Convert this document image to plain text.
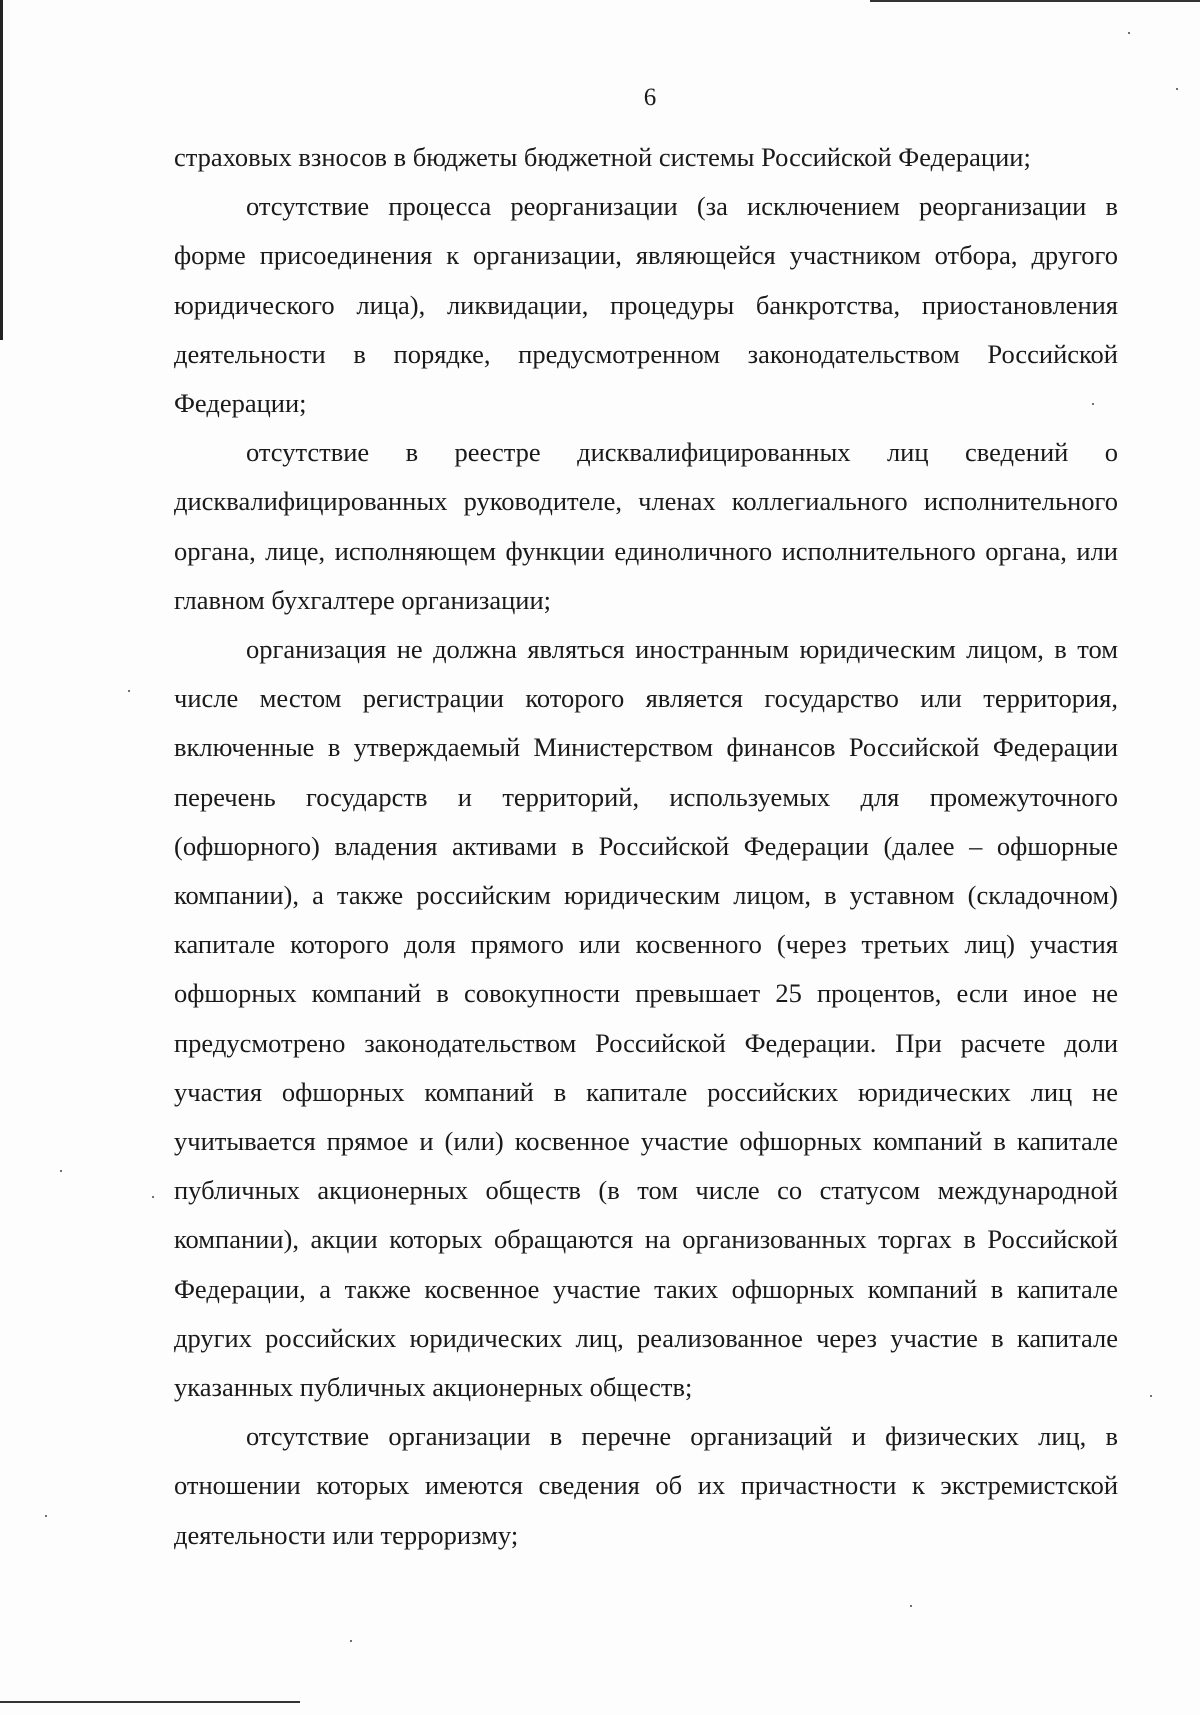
6

страховых взносов в бюджеты бюджетной системы Российской Федерации;

отсутствие процесса реорганизации (за исключением реорганизации в форме присоединения к организации, являющейся участником отбора, другого юридического лица), ликвидации, процедуры банкротства, приостановления деятельности в порядке, предусмотренном законодательством Российской Федерации;

отсутствие в реестре дисквалифицированных лиц сведений о дисквалифицированных руководителе, членах коллегиального исполнительного органа, лице, исполняющем функции единоличного исполнительного органа, или главном бухгалтере организации;

организация не должна являться иностранным юридическим лицом, в том числе местом регистрации которого является государство или территория, включенные в утверждаемый Министерством финансов Российской Федерации перечень государств и территорий, используемых для промежуточного (офшорного) владения активами в Российской Федерации (далее – офшорные компании), а также российским юридическим лицом, в уставном (складочном) капитале которого доля прямого или косвенного (через третьих лиц) участия офшорных компаний в совокупности превышает 25 процентов, если иное не предусмотрено законодательством Российской Федерации. При расчете доли участия офшорных компаний в капитале российских юридических лиц не учитывается прямое и (или) косвенное участие офшорных компаний в капитале публичных акционерных обществ (в том числе со статусом международной компании), акции которых обращаются на организованных торгах в Российской Федерации, а также косвенное участие таких офшорных компаний в капитале других российских юридических лиц, реализованное через участие в капитале указанных публичных акционерных обществ;

отсутствие организации в перечне организаций и физических лиц, в отношении которых имеются сведения об их причастности к экстремистской деятельности или терроризму;
